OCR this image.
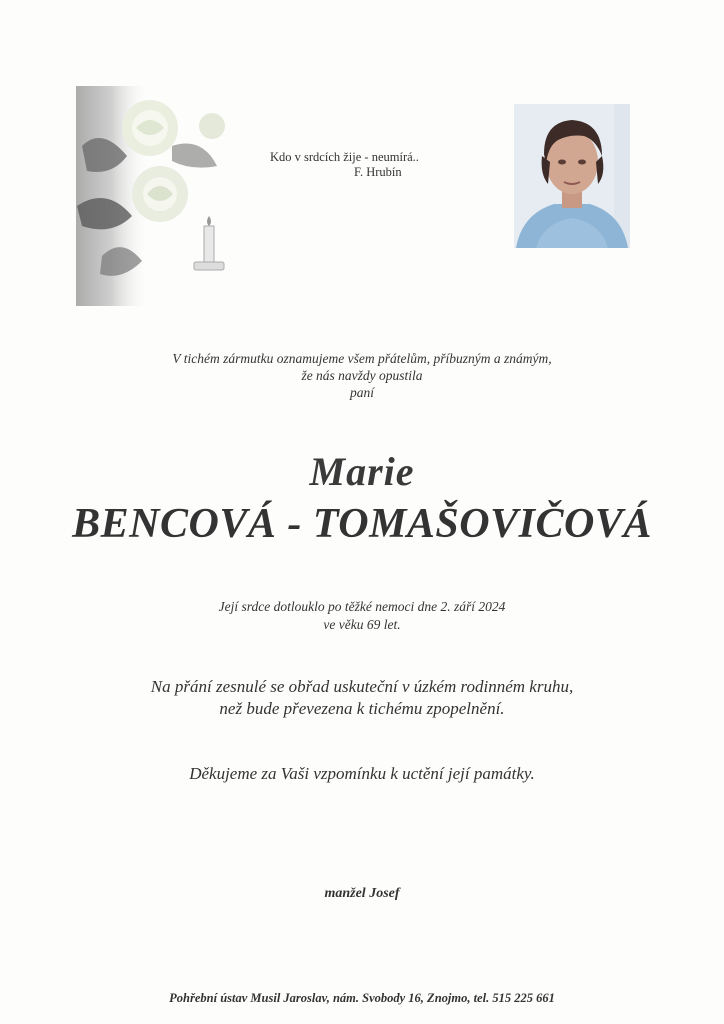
Kdo v srdcích žije - neumírá..
F. Hrubín
V tichém zármutku oznamujeme všem přátelům, příbuzným a známým,
že nás navždy opustila
paní
Marie
BENCOVÁ - TOMAŠOVIČOVÁ
Její srdce dotlouklo po těžké nemoci dne 2. září 2024
ve věku 69 let.
Na přání zesnulé se obřad uskuteční v úzkém rodinném kruhu,
než bude převezena k tichému zpopelnění.
Děkujeme za Vaši vzpomínku k uctění její památky.
manžel Josef
Pohřební ústav Musil Jaroslav, nám. Svobody 16, Znojmo, tel. 515 225 661
